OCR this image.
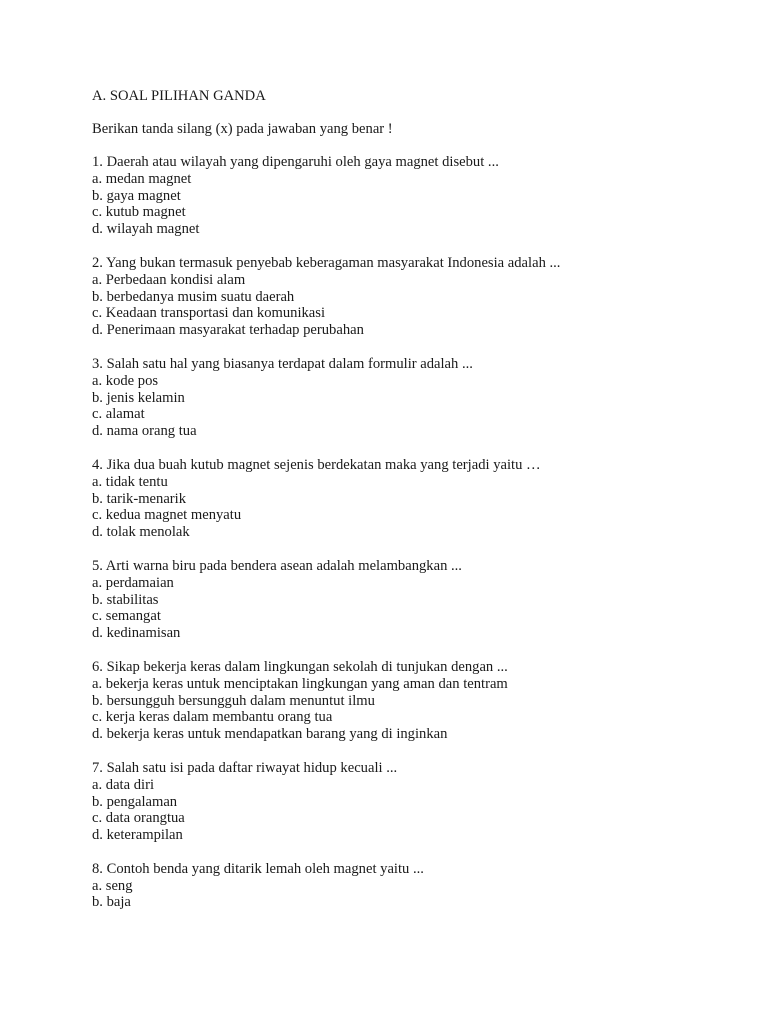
A. SOAL PILIHAN GANDA
Berikan tanda silang (x) pada jawaban yang benar !
1. Daerah atau wilayah yang dipengaruhi oleh gaya magnet disebut ...
a. medan magnet
b. gaya magnet
c. kutub magnet
d. wilayah magnet
2. Yang bukan termasuk penyebab keberagaman masyarakat Indonesia adalah ...
a. Perbedaan kondisi alam
b. berbedanya musim suatu daerah
c. Keadaan transportasi dan komunikasi
d. Penerimaan masyarakat terhadap perubahan
3. Salah satu hal yang biasanya terdapat dalam formulir adalah ...
a. kode pos
b. jenis kelamin
c. alamat
d. nama orang tua
4. Jika dua buah kutub magnet sejenis berdekatan maka yang terjadi yaitu …
a. tidak tentu
b. tarik-menarik
c. kedua magnet menyatu
d. tolak menolak
5. Arti warna biru pada bendera asean adalah melambangkan ...
a. perdamaian
b. stabilitas
c. semangat
d. kedinamisan
6. Sikap bekerja keras dalam lingkungan sekolah di tunjukan dengan ...
a. bekerja keras untuk menciptakan lingkungan yang aman dan tentram
b. bersungguh bersungguh dalam menuntut ilmu
c. kerja keras dalam membantu orang tua
d. bekerja keras untuk mendapatkan barang yang di inginkan
7. Salah satu isi pada daftar riwayat hidup kecuali ...
a. data diri
b. pengalaman
c. data orangtua
d. keterampilan
8. Contoh benda yang ditarik lemah oleh magnet yaitu ...
a. seng
b. baja
